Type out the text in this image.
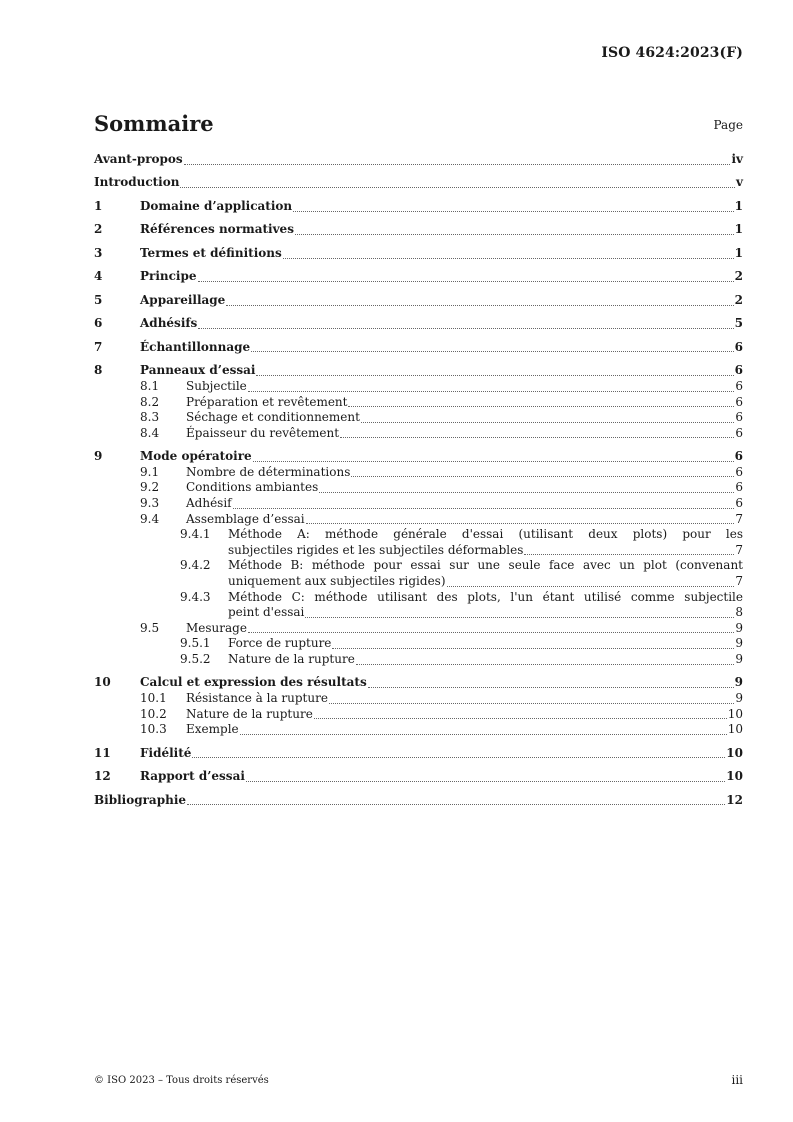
ISO 4624:2023(F)
Sommaire	Page
Avant-propos	iv
Introduction	v
1	Domaine d’application	1
2	Références normatives	1
3	Termes et définitions	1
4	Principe	2
5	Appareillage	2
6	Adhésifs	5
7	Échantillonnage	6
8	Panneaux d’essai	6
8.1	Subjectile	6
8.2	Préparation et revêtement	6
8.3	Séchage et conditionnement	6
8.4	Épaisseur du revêtement	6
9	Mode opératoire	6
9.1	Nombre de déterminations	6
9.2	Conditions ambiantes	6
9.3	Adhésif	6
9.4	Assemblage d’essai	7
9.4.1	Méthode A: méthode générale d'essai (utilisant deux plots) pour les
subjectiles rigides et les subjectiles déformables	7
9.4.2	Méthode B: méthode pour essai sur une seule face avec un plot (convenant
uniquement aux subjectiles rigides)	7
9.4.3	Méthode C: méthode utilisant des plots, l'un étant utilisé comme subjectile
peint d'essai	8
9.5	Mesurage	9
9.5.1	Force de rupture	9
9.5.2	Nature de la rupture	9
10	Calcul et expression des résultats	9
10.1	Résistance à la rupture	9
10.2	Nature de la rupture	10
10.3	Exemple	10
11	Fidélité	10
12	Rapport d’essai	10
Bibliographie	12
© ISO 2023 – Tous droits réservés	iii
